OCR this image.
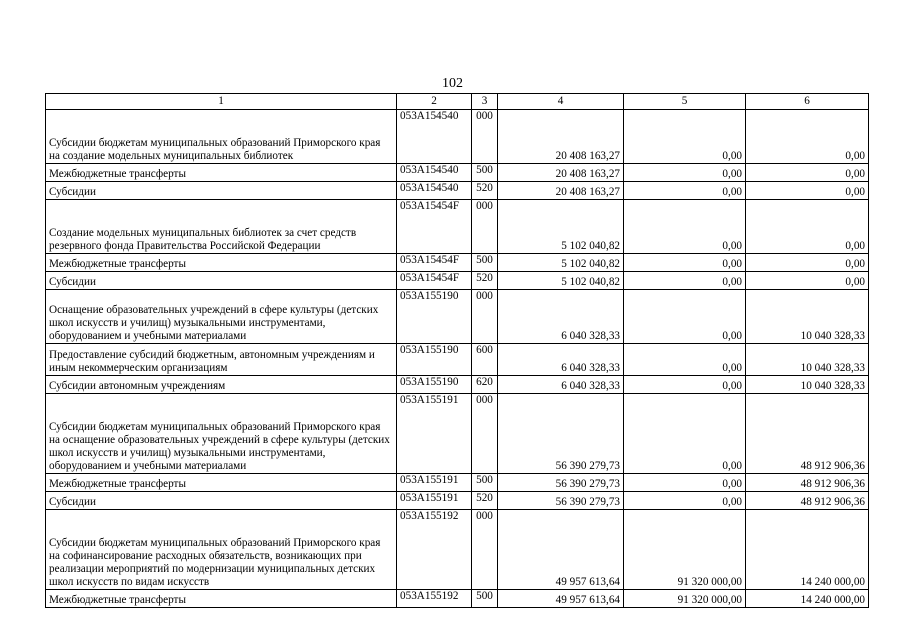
102
1	2	3	4	5	6
Субсидии бюджетам муниципальных образований Приморского края на создание модельных муниципальных библиотек	053A154540	000	20 408 163,27	0,00	0,00
Межбюджетные трансферты	053A154540	500	20 408 163,27	0,00	0,00
Субсидии	053A154540	520	20 408 163,27	0,00	0,00
Создание модельных муниципальных библиотек за счет средств резервного фонда Правительства Российской Федерации	053A15454F	000	5 102 040,82	0,00	0,00
Межбюджетные трансферты	053A15454F	500	5 102 040,82	0,00	0,00
Субсидии	053A15454F	520	5 102 040,82	0,00	0,00
Оснащение образовательных учреждений в сфере культуры (детских школ искусств и училищ) музыкальными инструментами, оборудованием и учебными материалами	053A155190	000	6 040 328,33	0,00	10 040 328,33
Предоставление субсидий бюджетным, автономным учреждениям и иным некоммерческим организациям	053A155190	600	6 040 328,33	0,00	10 040 328,33
Субсидии автономным учреждениям	053A155190	620	6 040 328,33	0,00	10 040 328,33
Субсидии бюджетам муниципальных образований Приморского края на оснащение образовательных учреждений в сфере культуры (детских школ искусств и училищ) музыкальными инструментами, оборудованием и учебными материалами	053A155191	000	56 390 279,73	0,00	48 912 906,36
Межбюджетные трансферты	053A155191	500	56 390 279,73	0,00	48 912 906,36
Субсидии	053A155191	520	56 390 279,73	0,00	48 912 906,36
Субсидии бюджетам муниципальных образований Приморского края на софинансирование расходных обязательств, возникающих при реализации мероприятий по модернизации муниципальных детских школ искусств по видам искусств	053A155192	000	49 957 613,64	91 320 000,00	14 240 000,00
Межбюджетные трансферты	053A155192	500	49 957 613,64	91 320 000,00	14 240 000,00
